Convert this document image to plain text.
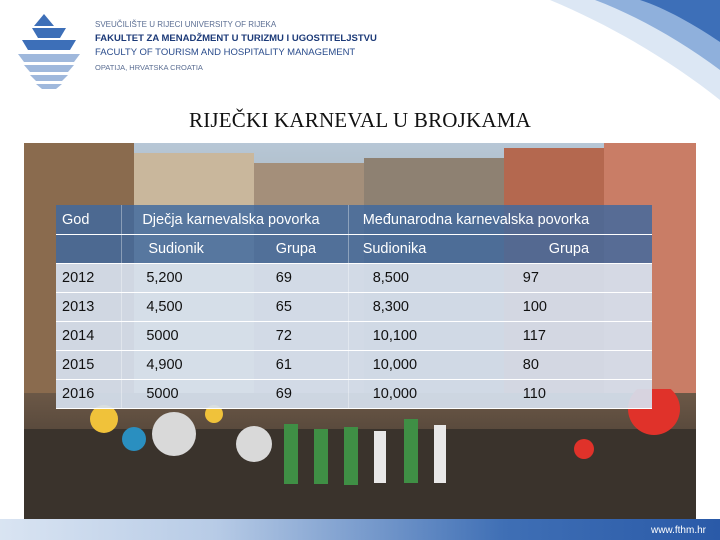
SVEUČILIŠTE U RIJECI UNIVERSITY OF RIJEKA
FAKULTET ZA MENADŽMENT U TURIZMU I UGOSTITELJSTVU
FACULTY OF TOURISM AND HOSPITALITY MANAGEMENT
OPATIJA, HRVATSKA CROATIA
RIJEČKI KARNEVAL U BROJKAMA
God	Dječja karnevalska povorka		Međunarodna karnevalska povorka	
	Sudionik	Grupa	Sudionika	Grupa
2012	5,200	69	8,500	97
2013	4,500	65	8,300	100
2014	5000	72	10,100	117
2015	4,900	61	10,000	80
2016	5000	69	10,000	110
www.fthm.hr
